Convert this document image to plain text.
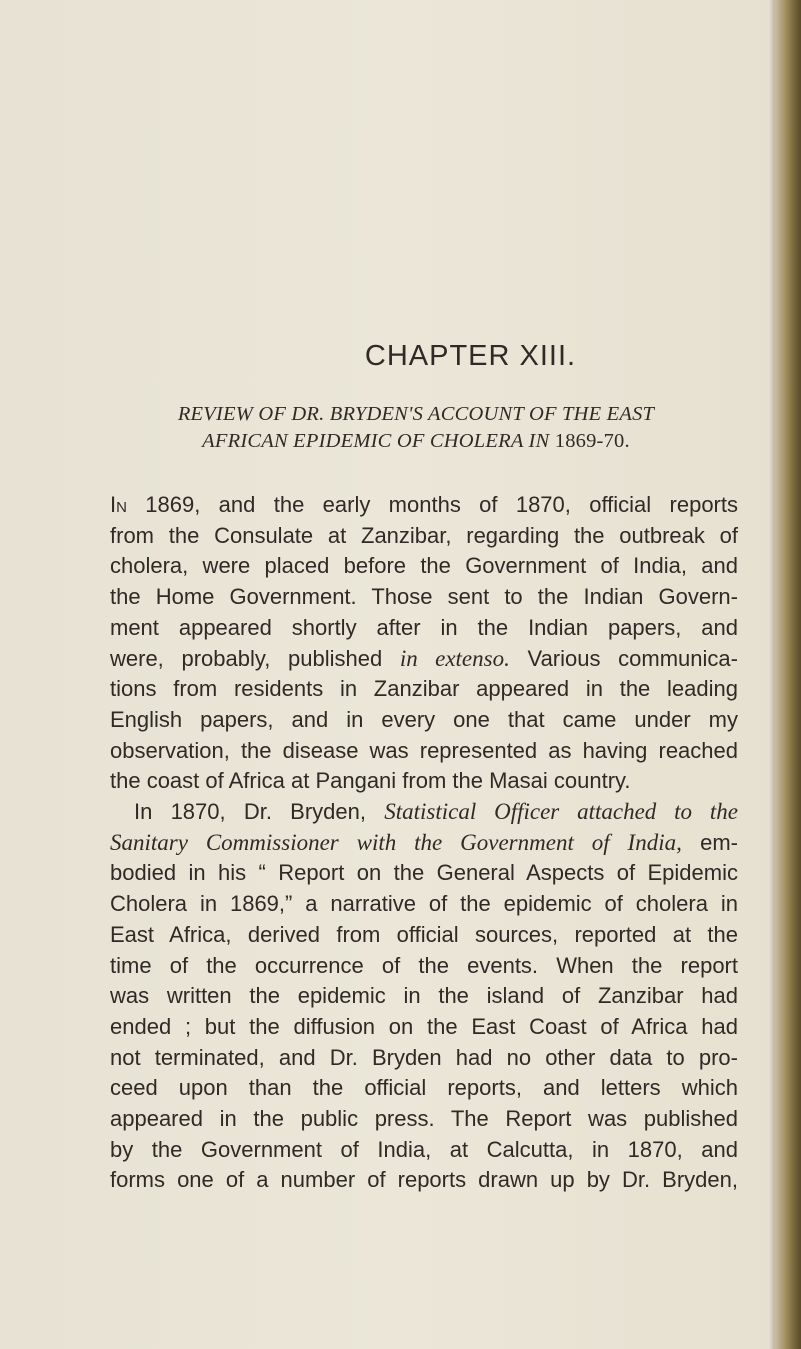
CHAPTER XIII.
REVIEW OF DR. BRYDEN'S ACCOUNT OF THE EAST
AFRICAN EPIDEMIC OF CHOLERA IN 1869-70.

In 1869, and the early months of 1870, official reports
from the Consulate at Zanzibar, regarding the outbreak of
cholera, were placed before the Government of India, and
the Home Government. Those sent to the Indian Govern-
ment appeared shortly after in the Indian papers, and
were, probably, published in extenso. Various communica-
tions from residents in Zanzibar appeared in the leading
English papers, and in every one that came under my
observation, the disease was represented as having reached
the coast of Africa at Pangani from the Masai country.

In 1870, Dr. Bryden, Statistical Officer attached to the
Sanitary Commissioner with the Government of India, em-
bodied in his “ Report on the General Aspects of Epidemic
Cholera in 1869,” a narrative of the epidemic of cholera in
East Africa, derived from official sources, reported at the
time of the occurrence of the events. When the report
was written the epidemic in the island of Zanzibar had
ended ; but the diffusion on the East Coast of Africa had
not terminated, and Dr. Bryden had no other data to pro-
ceed upon than the official reports, and letters which
appeared in the public press. The Report was published
by the Government of India, at Calcutta, in 1870, and
forms one of a number of reports drawn up by Dr. Bryden,
